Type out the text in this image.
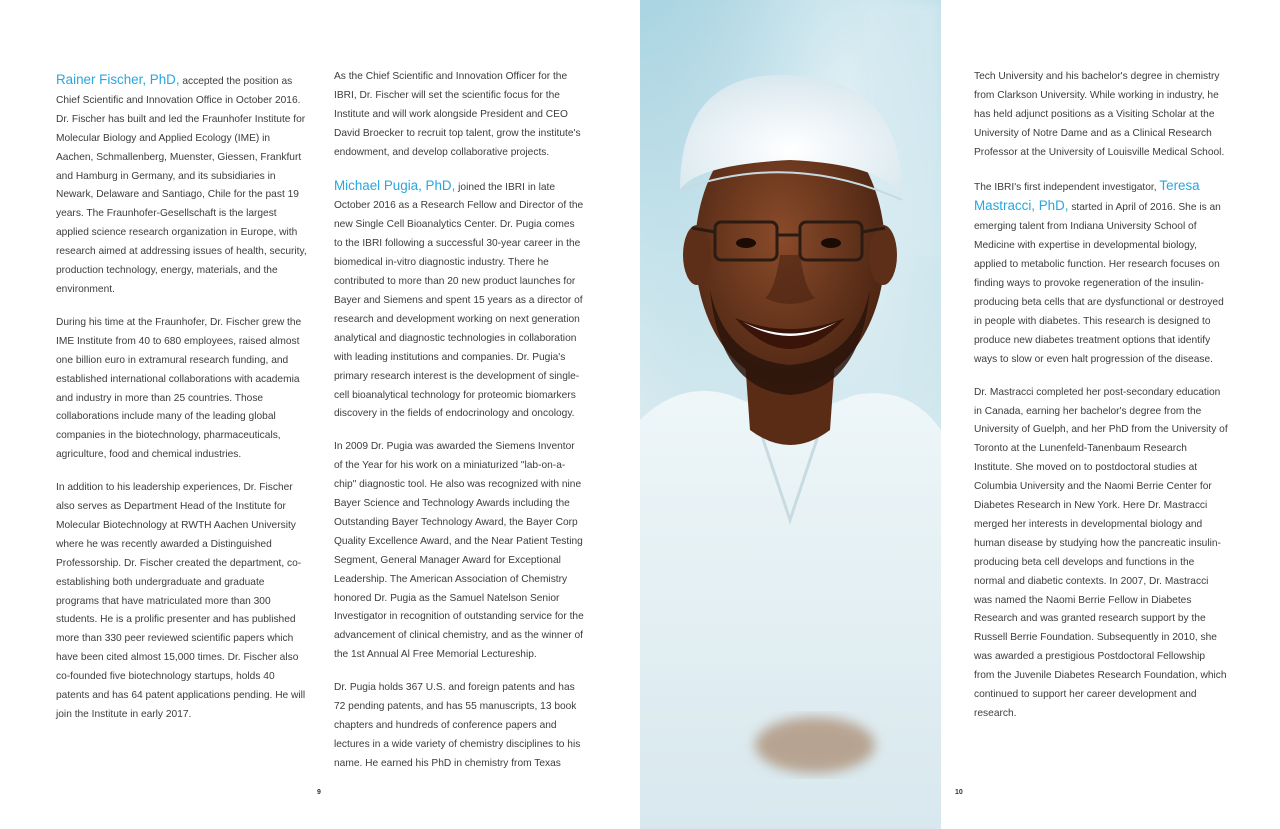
Rainer Fischer, PhD, accepted the position as Chief Scientific and Innovation Office in October 2016. Dr. Fischer has built and led the Fraunhofer Institute for Molecular Biology and Applied Ecology (IME) in Aachen, Schmallenberg, Muenster, Giessen, Frankfurt and Hamburg in Germany, and its subsidiaries in Newark, Delaware and Santiago, Chile for the past 19 years. The Fraunhofer-Gesellschaft is the largest applied science research organization in Europe, with research aimed at addressing issues of health, security, production technology, energy, materials, and the environment.

During his time at the Fraunhofer, Dr. Fischer grew the IME Institute from 40 to 680 employees, raised almost one billion euro in extramural research funding, and established international collaborations with academia and industry in more than 25 countries. Those collaborations include many of the leading global companies in the biotechnology, pharmaceuticals, agriculture, food and chemical industries.

In addition to his leadership experiences, Dr. Fischer also serves as Department Head of the Institute for Molecular Biotechnology at RWTH Aachen University where he was recently awarded a Distinguished Professorship. Dr. Fischer created the department, co-establishing both undergraduate and graduate programs that have matriculated more than 300 students. He is a prolific presenter and has published more than 330 peer reviewed scientific papers which have been cited almost 15,000 times. Dr. Fischer also co-founded five biotechnology startups, holds 40 patents and has 64 patent applications pending. He will join the Institute in early 2017.

As the Chief Scientific and Innovation Officer for the IBRI, Dr. Fischer will set the scientific focus for the Institute and will work alongside President and CEO David Broecker to recruit top talent, grow the institute's endowment, and develop collaborative projects.

Michael Pugia, PhD, joined the IBRI in late October 2016 as a Research Fellow and Director of the new Single Cell Bioanalytics Center. Dr. Pugia comes to the IBRI following a successful 30-year career in the biomedical in-vitro diagnostic industry. There he contributed to more than 20 new product launches for Bayer and Siemens and spent 15 years as a director of research and development working on next generation analytical and diagnostic technologies in collaboration with leading institutions and companies. Dr. Pugia's primary research interest is the development of single-cell bioanalytical technology for proteomic biomarkers discovery in the fields of endocrinology and oncology.

In 2009 Dr. Pugia was awarded the Siemens Inventor of the Year for his work on a miniaturized "lab-on-a-chip" diagnostic tool. He also was recognized with nine Bayer Science and Technology Awards including the Outstanding Bayer Technology Award, the Bayer Corp Quality Excellence Award, and the Near Patient Testing Segment, General Manager Award for Exceptional Leadership. The American Association of Chemistry honored Dr. Pugia as the Samuel Natelson Senior Investigator in recognition of outstanding service for the advancement of clinical chemistry, and as the winner of the 1st Annual Al Free Memorial Lectureship.

Dr. Pugia holds 367 U.S. and foreign patents and has 72 pending patents, and has 55 manuscripts, 13 book chapters and hundreds of conference papers and lectures in a wide variety of chemistry disciplines to his name. He earned his PhD in chemistry from Texas

9

Tech University and his bachelor's degree in chemistry from Clarkson University. While working in industry, he has held adjunct positions as a Visiting Scholar at the University of Notre Dame and as a Clinical Research Professor at the University of Louisville Medical School.

The IBRI's first independent investigator, Teresa Mastracci, PhD, started in April of 2016. She is an emerging talent from Indiana University School of Medicine with expertise in developmental biology, applied to metabolic function. Her research focuses on finding ways to provoke regeneration of the insulin-producing beta cells that are dysfunctional or destroyed in people with diabetes. This research is designed to produce new diabetes treatment options that identify ways to slow or even halt progression of the disease.

Dr. Mastracci completed her post-secondary education in Canada, earning her bachelor's degree from the University of Guelph, and her PhD from the University of Toronto at the Lunenfeld-Tanenbaum Research Institute. She moved on to postdoctoral studies at Columbia University and the Naomi Berrie Center for Diabetes Research in New York. Here Dr. Mastracci merged her interests in developmental biology and human disease by studying how the pancreatic insulin-producing beta cell develops and functions in the normal and diabetic contexts. In 2007, Dr. Mastracci was named the Naomi Berrie Fellow in Diabetes Research and was granted research support by the Russell Berrie Foundation. Subsequently in 2010, she was awarded a prestigious Postdoctoral Fellowship from the Juvenile Diabetes Research Foundation, which continued to support her career development and research.

10
